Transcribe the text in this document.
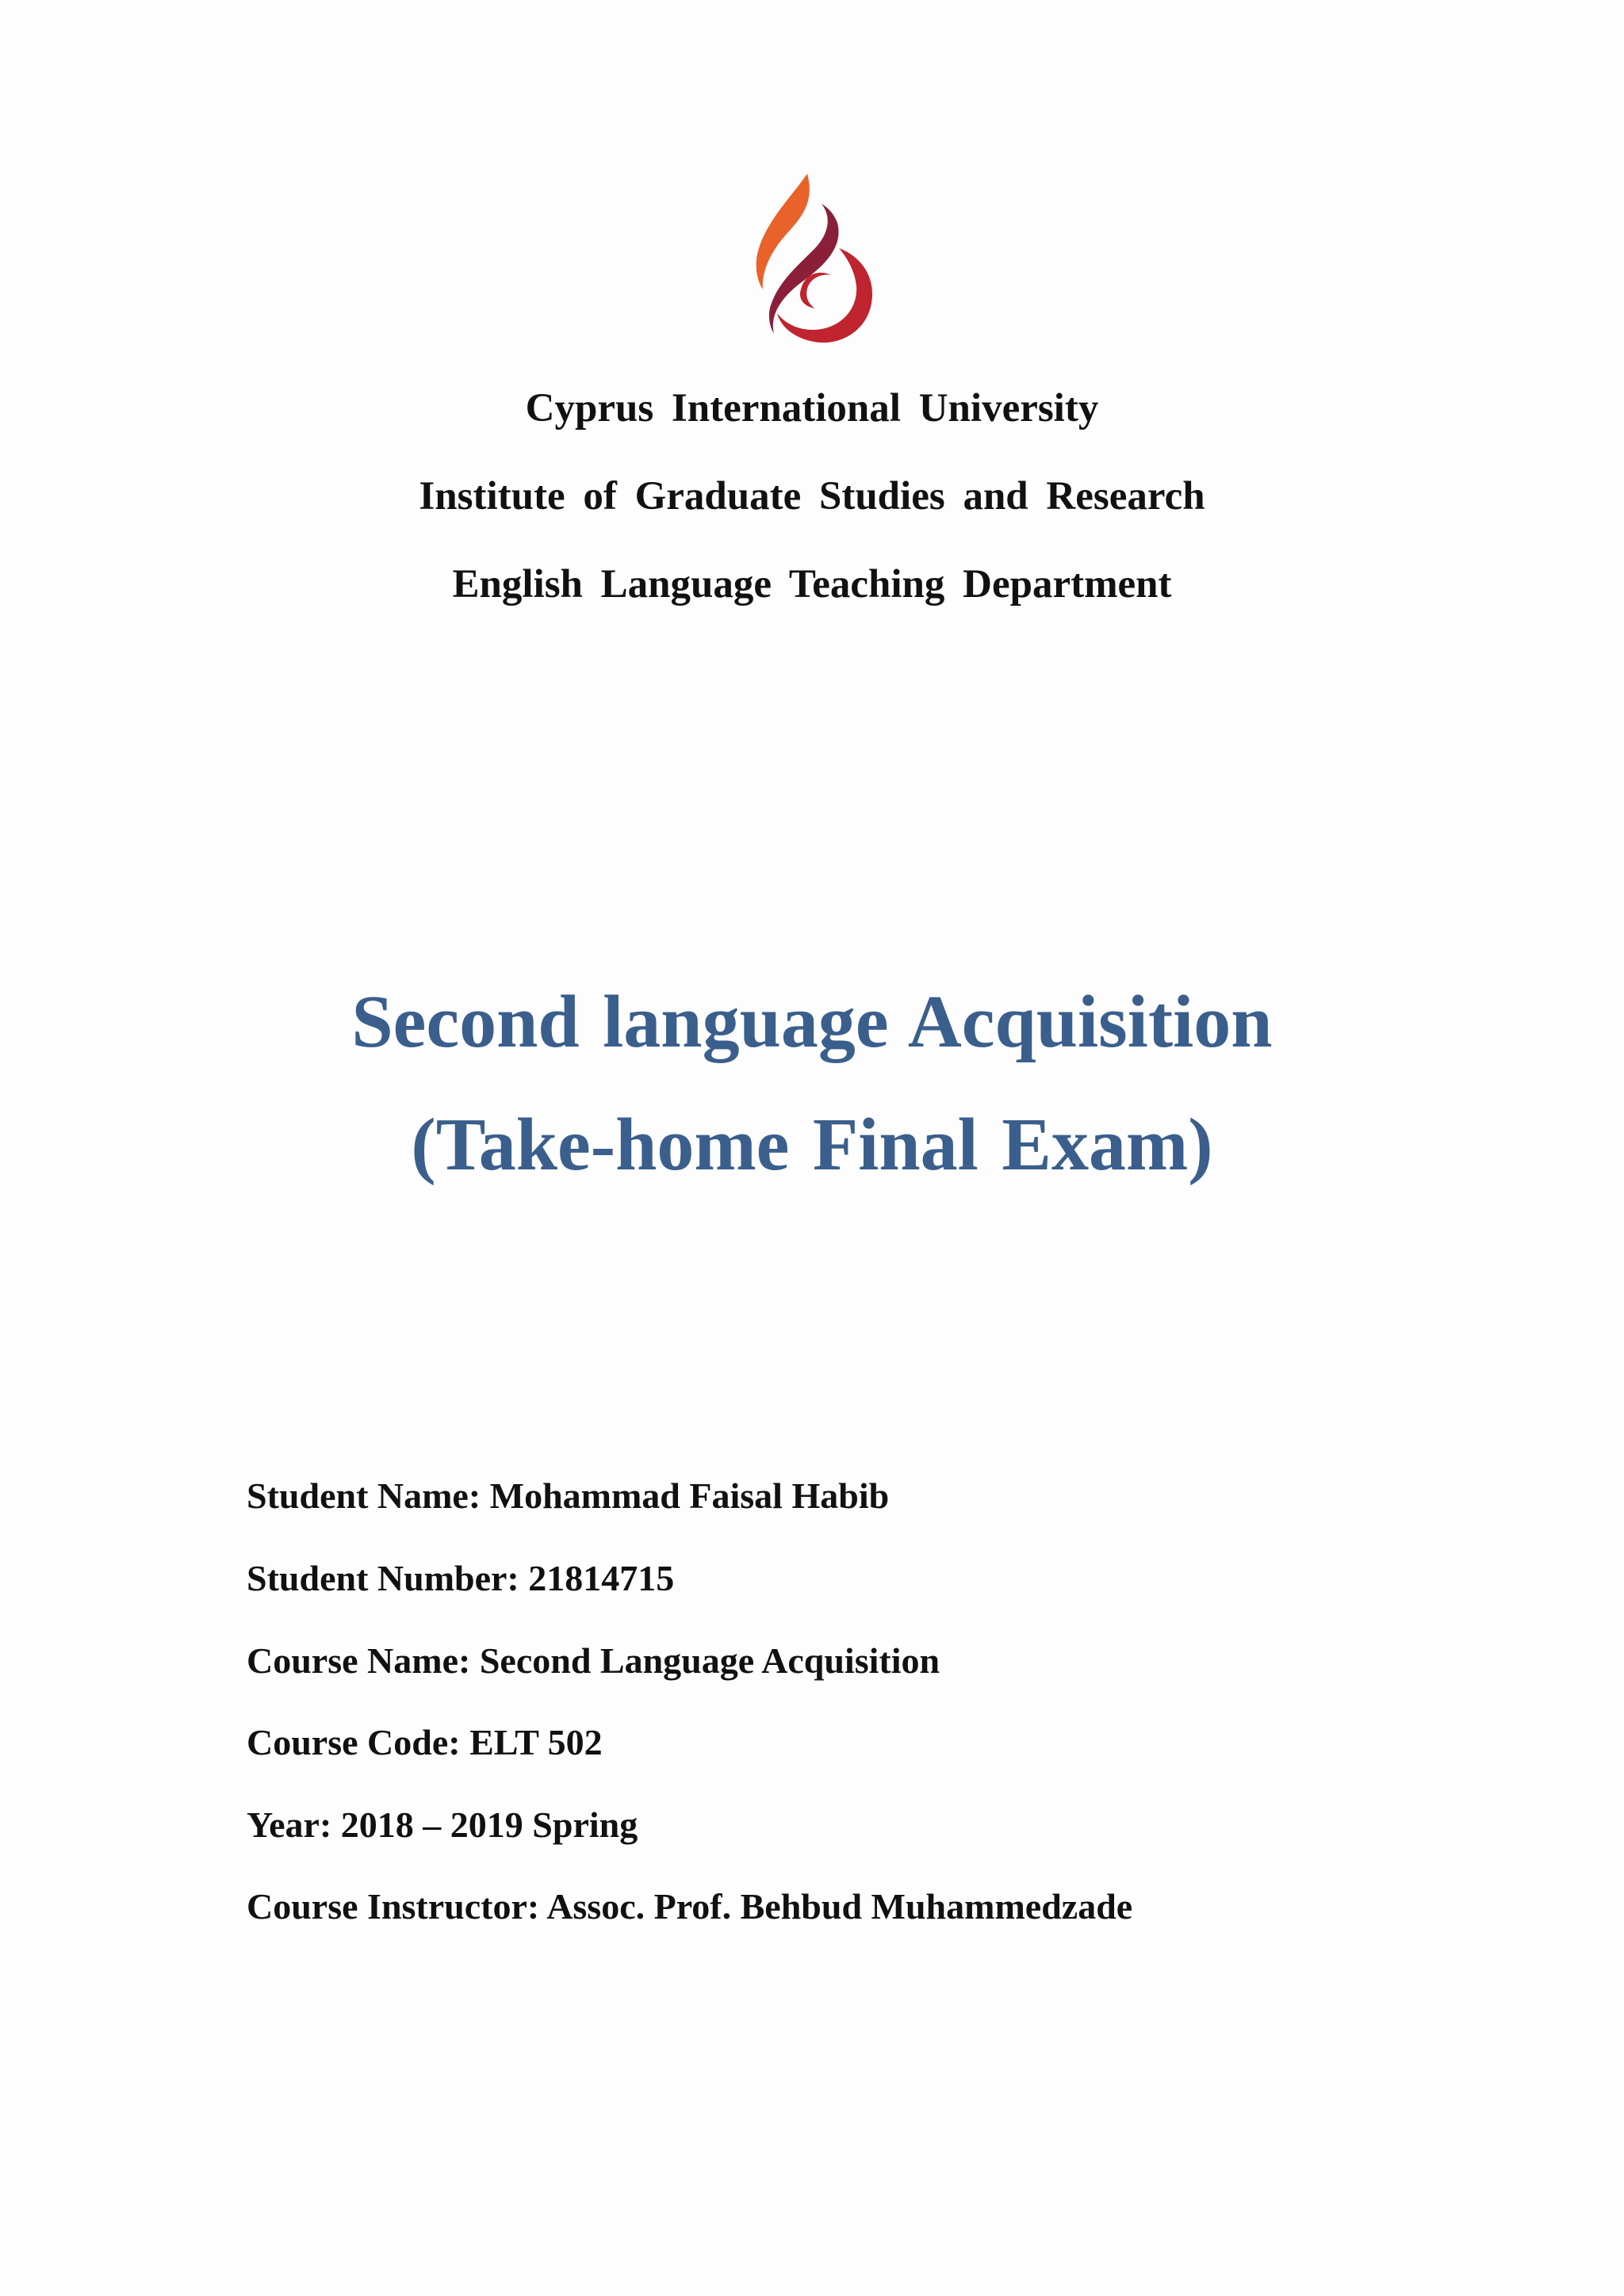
Cyprus International University
Institute of Graduate Studies and Research
English Language Teaching Department
Second language Acquisition
(Take-home Final Exam)
Student Name: Mohammad Faisal Habib
Student Number: 21814715
Course Name: Second Language Acquisition
Course Code: ELT 502
Year: 2018 – 2019 Spring
Course Instructor: Assoc. Prof. Behbud Muhammedzade
